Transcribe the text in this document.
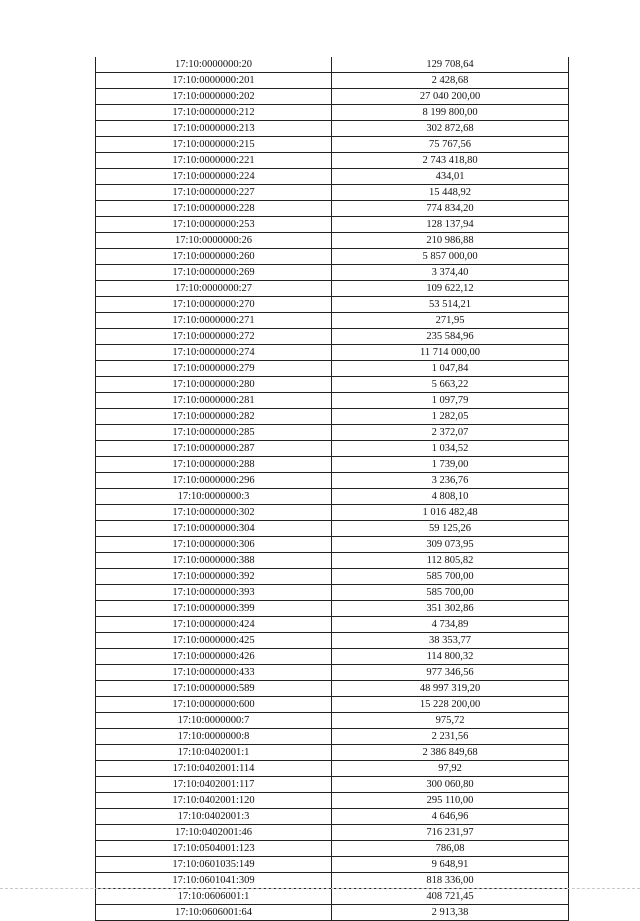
17:10:0000000:20	129 708,64
17:10:0000000:201	2 428,68
17:10:0000000:202	27 040 200,00
17:10:0000000:212	8 199 800,00
17:10:0000000:213	302 872,68
17:10:0000000:215	75 767,56
17:10:0000000:221	2 743 418,80
17:10:0000000:224	434,01
17:10:0000000:227	15 448,92
17:10:0000000:228	774 834,20
17:10:0000000:253	128 137,94
17:10:0000000:26	210 986,88
17:10:0000000:260	5 857 000,00
17:10:0000000:269	3 374,40
17:10:0000000:27	109 622,12
17:10:0000000:270	53 514,21
17:10:0000000:271	271,95
17:10:0000000:272	235 584,96
17:10:0000000:274	11 714 000,00
17:10:0000000:279	1 047,84
17:10:0000000:280	5 663,22
17:10:0000000:281	1 097,79
17:10:0000000:282	1 282,05
17:10:0000000:285	2 372,07
17:10:0000000:287	1 034,52
17:10:0000000:288	1 739,00
17:10:0000000:296	3 236,76
17:10:0000000:3	4 808,10
17:10:0000000:302	1 016 482,48
17:10:0000000:304	59 125,26
17:10:0000000:306	309 073,95
17:10:0000000:388	112 805,82
17:10:0000000:392	585 700,00
17:10:0000000:393	585 700,00
17:10:0000000:399	351 302,86
17:10:0000000:424	4 734,89
17:10:0000000:425	38 353,77
17:10:0000000:426	114 800,32
17:10:0000000:433	977 346,56
17:10:0000000:589	48 997 319,20
17:10:0000000:600	15 228 200,00
17:10:0000000:7	975,72
17:10:0000000:8	2 231,56
17:10:0402001:1	2 386 849,68
17:10:0402001:114	97,92
17:10:0402001:117	300 060,80
17:10:0402001:120	295 110,00
17:10:0402001:3	4 646,96
17:10:0402001:46	716 231,97
17:10:0504001:123	786,08
17:10:0601035:149	9 648,91
17:10:0601041:309	818 336,00
17:10:0606001:1	408 721,45
17:10:0606001:64	2 913,38
